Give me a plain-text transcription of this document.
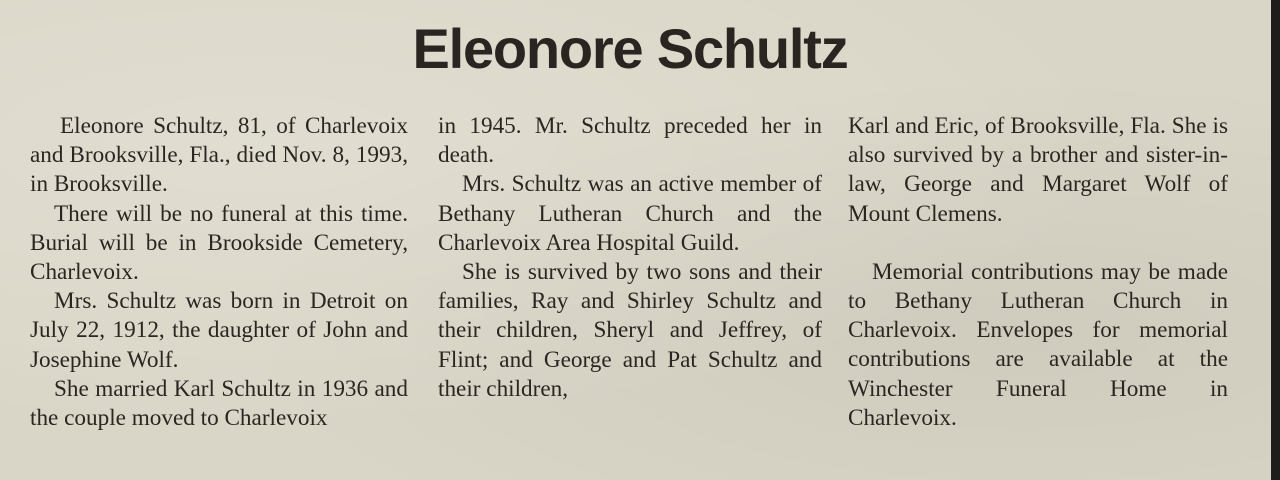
Eleonore Schultz

Eleonore Schultz, 81, of Charlevoix and Brooksville, Fla., died Nov. 8, 1993, in Brooksville.

There will be no funeral at this time. Burial will be in Brookside Cemetery, Charlevoix.

Mrs. Schultz was born in Detroit on July 22, 1912, the daughter of John and Josephine Wolf.

She married Karl Schultz in 1936 and the couple moved to Charlevoix

in 1945. Mr. Schultz preceded her in death.

Mrs. Schultz was an active member of Bethany Lutheran Church and the Charlevoix Area Hospital Guild.

She is survived by two sons and their families, Ray and Shirley Schultz and their children, Sheryl and Jeffrey, of Flint; and George and Pat Schultz and their children,

Karl and Eric, of Brooksville, Fla. She is also survived by a brother and sister-in-law, George and Margaret Wolf of Mount Clemens.

Memorial contributions may be made to Bethany Lutheran Church in Charlevoix. Envelopes for memorial contributions are available at the Winchester Funeral Home in Charlevoix.
